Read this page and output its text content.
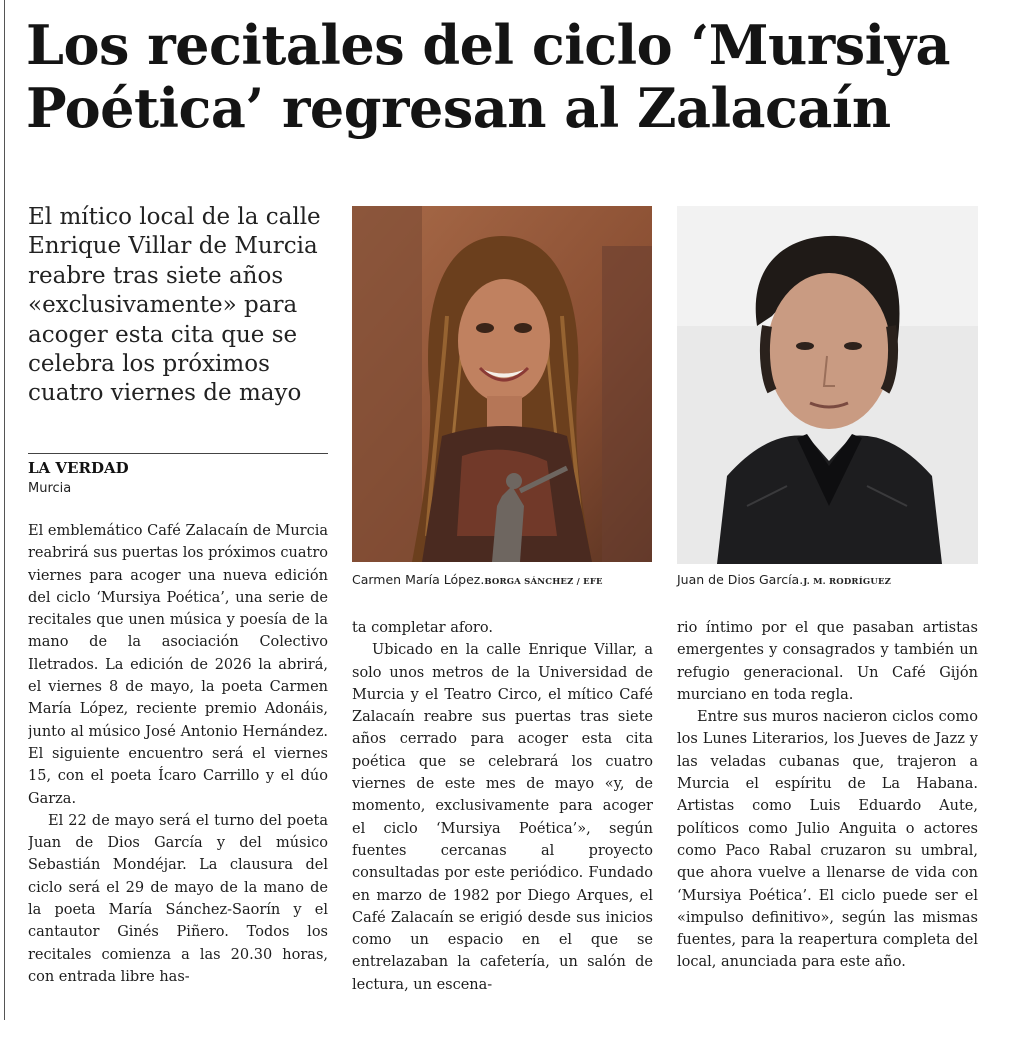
Los recitales del ciclo ‘Mursiya Poética’ regresan al Zalacaín

El mítico local de la calle Enrique Villar de Murcia reabre tras siete años «exclusivamente» para acoger esta cita que se celebra los próximos cuatro viernes de mayo

LA VERDAD

Murcia

El emblemático Café Zalacaín de Murcia reabrirá sus puertas los próximos cuatro viernes para acoger una nueva edición del ciclo ‘Mursiya Poética’, una serie de recitales que unen música y poesía de la mano de la asociación Colectivo Iletrados. La edición de 2026 la abrirá, el viernes 8 de mayo, la poeta Carmen María López, reciente premio Adonáis, junto al músico José Antonio Hernández. El siguiente encuentro será el viernes 15, con el poeta Ícaro Carrillo y el dúo Garza.

El 22 de mayo será el turno del poeta Juan de Dios García y del músico Sebastián Mondéjar. La clausura del ciclo será el 29 de mayo de la mano de la poeta María Sánchez-Saorín y el cantautor Ginés Piñero. Todos los recitales comienza a las 20.30 horas, con entrada libre has-

Carmen María López.BORGA SÁNCHEZ / EFE	Juan de Dios García.J. M. RODRÍGUEZ

ta completar aforo.

Ubicado en la calle Enrique Villar, a solo unos metros de la Universidad de Murcia y el Teatro Circo, el mítico Café Zalacaín reabre sus puertas tras siete años cerrado para acoger esta cita poética que se celebrará los cuatro viernes de este mes de mayo «y, de momento, exclusivamente para acoger el ciclo ‘Mursiya Poética’», según fuentes cercanas al proyecto consultadas por este periódico. Fundado en marzo de 1982 por Diego Arques, el Café Zalacaín se erigió desde sus inicios como un espacio en el que se entrelazaban la cafetería, un salón de lectura, un escena-

rio íntimo por el que pasaban artistas emergentes y consagrados y también un refugio generacional. Un Café Gijón murciano en toda regla.

Entre sus muros nacieron ciclos como los Lunes Literarios, los Jueves de Jazz y las veladas cubanas que, trajeron a Murcia el espíritu de La Habana. Artistas como Luis Eduardo Aute, políticos como Julio Anguita o actores como Paco Rabal cruzaron su umbral, que ahora vuelve a llenarse de vida con ‘Mursiya Poética’. El ciclo puede ser el «impulso definitivo», según las mismas fuentes, para la reapertura completa del local, anunciada para este año.
